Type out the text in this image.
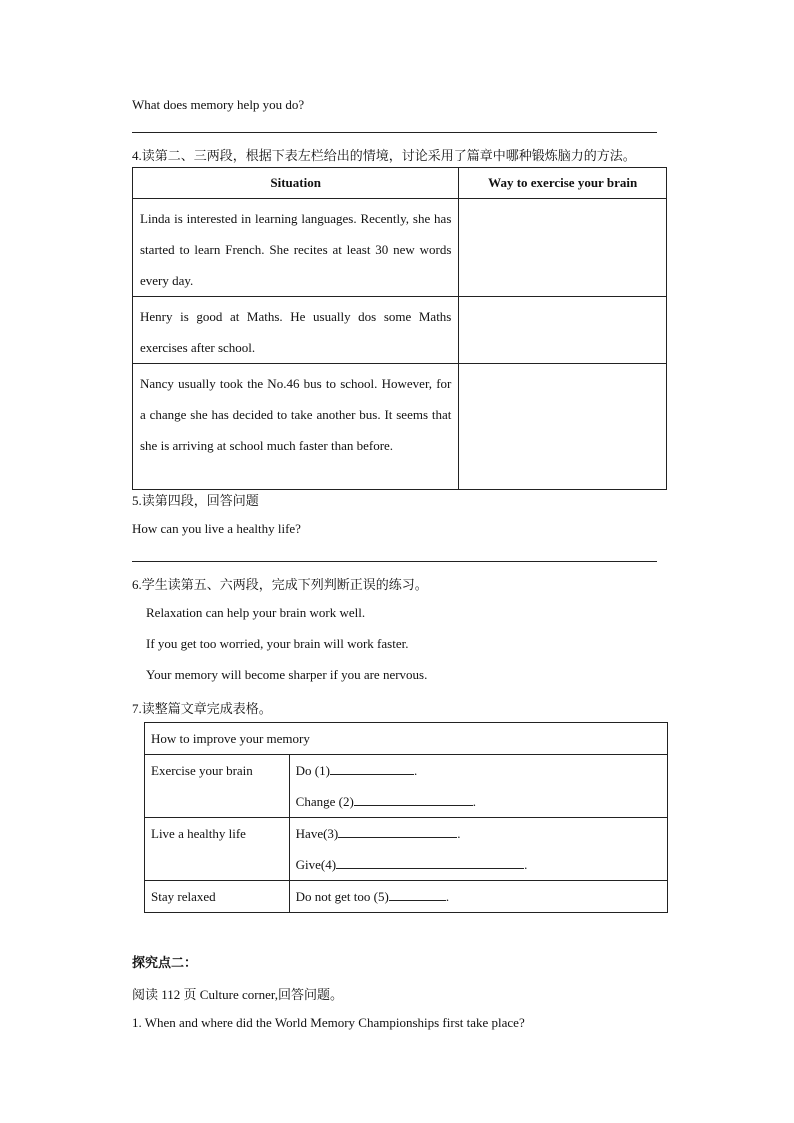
What does memory help you do?
4.读第二、三两段，根据下表左栏给出的情境，讨论采用了篇章中哪种锻炼脑力的方法。
Situation	Way to exercise your brain
Linda is interested in learning languages. Recently, she has started to learn French. She recites at least 30 new words every day.	
Henry is good at Maths. He usually dos some Maths exercises after school.	
Nancy usually took the No.46 bus to school. However, for a change she has decided to take another bus. It seems that she is arriving at school much faster than before.	
5.读第四段，回答问题
How can you live a healthy life?
6.学生读第五、六两段，完成下列判断正误的练习。
Relaxation can help your brain work well.
If you get too worried, your brain will work faster.
Your memory will become sharper if you are nervous.
7.读整篇文章完成表格。
How to improve your memory	
Exercise your brain	Do (1) .
Change (2) .

Live a healthy life	Have(3) .
Give(4) .

Stay relaxed	Do not get too (5) .
探究点二：
阅读 112 页 Culture corner,回答问题。
1. When and where did the World Memory Championships first take place?
